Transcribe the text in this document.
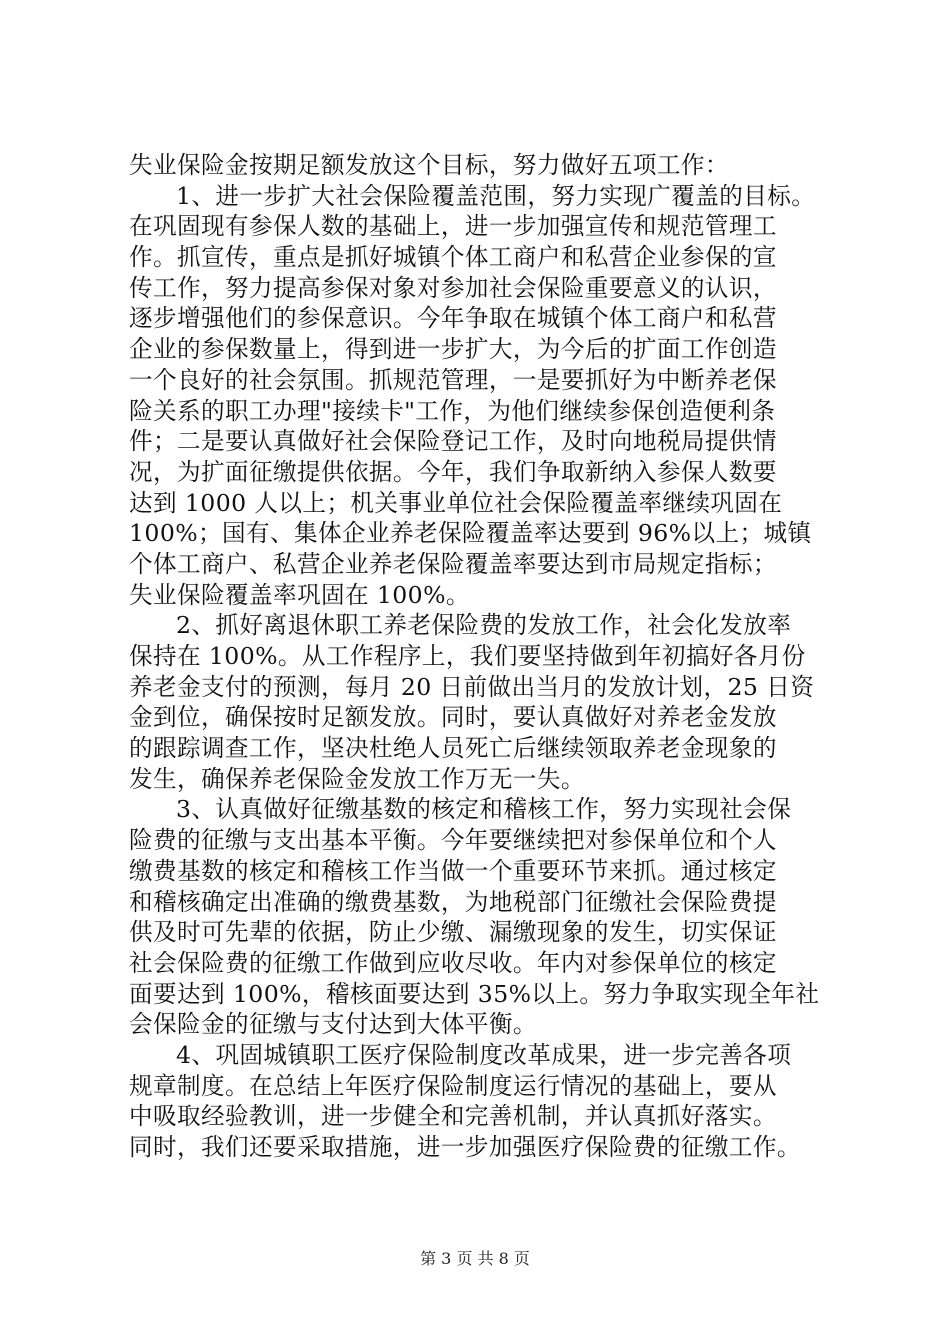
失业保险金按期足额发放这个目标，努力做好五项工作：
1、进一步扩大社会保险覆盖范围，努力实现广覆盖的目标。
在巩固现有参保人数的基础上，进一步加强宣传和规范管理工
作。抓宣传，重点是抓好城镇个体工商户和私营企业参保的宣
传工作，努力提高参保对象对参加社会保险重要意义的认识，
逐步增强他们的参保意识。今年争取在城镇个体工商户和私营
企业的参保数量上，得到进一步扩大，为今后的扩面工作创造
一个良好的社会氛围。抓规范管理，一是要抓好为中断养老保
险关系的职工办理"接续卡"工作，为他们继续参保创造便利条
件；二是要认真做好社会保险登记工作，及时向地税局提供情
况，为扩面征缴提供依据。今年，我们争取新纳入参保人数要
达到 1000 人以上；机关事业单位社会保险覆盖率继续巩固在
100%；国有、集体企业养老保险覆盖率达要到 96%以上；城镇
个体工商户、私营企业养老保险覆盖率要达到市局规定指标；
失业保险覆盖率巩固在 100%。
2、抓好离退休职工养老保险费的发放工作，社会化发放率
保持在 100%。从工作程序上，我们要坚持做到年初搞好各月份
养老金支付的预测，每月 20 日前做出当月的发放计划，25 日资
金到位，确保按时足额发放。同时，要认真做好对养老金发放
的跟踪调查工作，坚决杜绝人员死亡后继续领取养老金现象的
发生，确保养老保险金发放工作万无一失。
3、认真做好征缴基数的核定和稽核工作，努力实现社会保
险费的征缴与支出基本平衡。今年要继续把对参保单位和个人
缴费基数的核定和稽核工作当做一个重要环节来抓。通过核定
和稽核确定出准确的缴费基数，为地税部门征缴社会保险费提
供及时可先辈的依据，防止少缴、漏缴现象的发生，切实保证
社会保险费的征缴工作做到应收尽收。年内对参保单位的核定
面要达到 100%，稽核面要达到 35%以上。努力争取实现全年社
会保险金的征缴与支付达到大体平衡。
4、巩固城镇职工医疗保险制度改革成果，进一步完善各项
规章制度。在总结上年医疗保险制度运行情况的基础上，要从
中吸取经验教训，进一步健全和完善机制，并认真抓好落实。
同时，我们还要采取措施，进一步加强医疗保险费的征缴工作。
第 3 页 共 8 页
